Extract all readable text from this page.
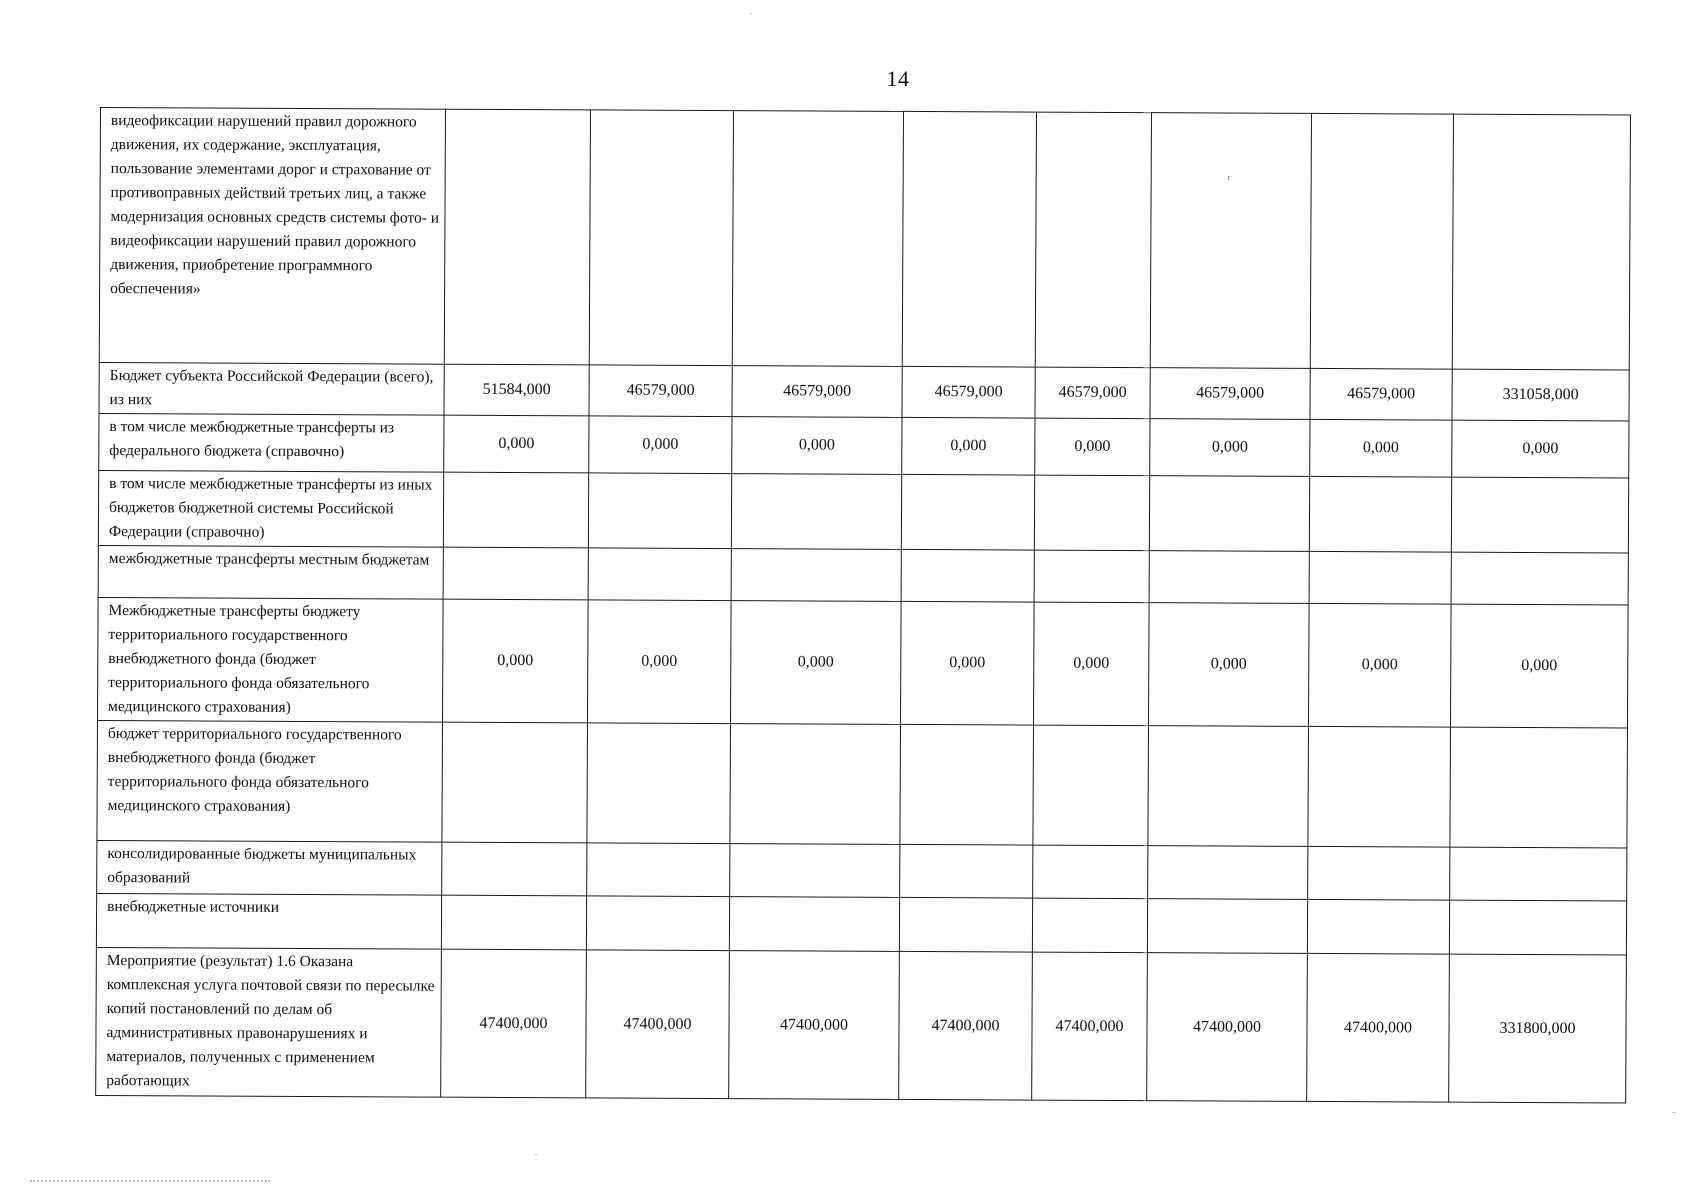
14
видеофиксации нарушений правил дорожного движения, их содержание, эксплуатация, пользование элементами дорог и страхование от противоправных действий третьих лиц, а также модернизация основных средств системы фото- и видеофиксации нарушений правил дорожного движения, приобретение программного обеспечения»								
Бюджет субъекта Российской Федерации (всего), из них	51584,000	46579,000	46579,000	46579,000	46579,000	46579,000	46579,000	331058,000
в том числе межбюджетные трансферты из федерального бюджета (справочно)	0,000	0,000	0,000	0,000	0,000	0,000	0,000	0,000
в том числе межбюджетные трансферты из иных бюджетов бюджетной системы Российской Федерации (справочно)								
межбюджетные трансферты местным бюджетам								
Межбюджетные трансферты бюджету территориального государственного внебюджетного фонда (бюджет территориального фонда обязательного медицинского страхования)	0,000	0,000	0,000	0,000	0,000	0,000	0,000	0,000
бюджет территориального государственного внебюджетного фонда (бюджет территориального фонда обязательного медицинского страхования)								
консолидированные бюджеты муниципальных образований								
внебюджетные источники								
Мероприятие (результат) 1.6 Оказана комплексная услуга почтовой связи по пересылке копий постановлений по делам об административных правонарушениях и материалов, полученных с применением работающих	47400,000	47400,000	47400,000	47400,000	47400,000	47400,000	47400,000	331800,000
⸢
